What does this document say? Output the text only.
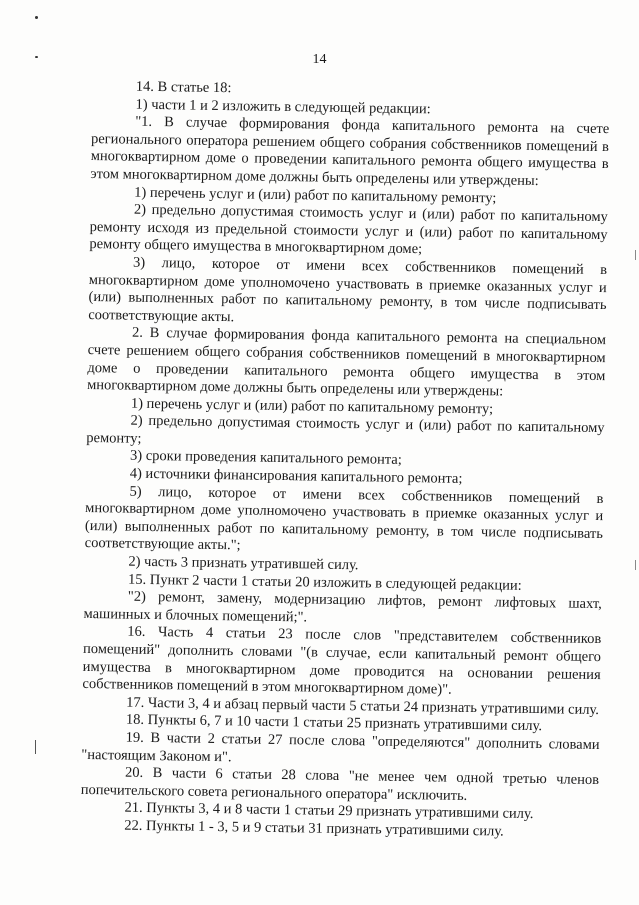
14

14. В статье 18:

1) части 1 и 2 изложить в следующей редакции:

"1. В случае формирования фонда капитального ремонта на счете регионального оператора решением общего собрания собственников помещений в многоквартирном доме о проведении капитального ремонта общего имущества в этом многоквартирном доме должны быть определены или утверждены:

1) перечень услуг и (или) работ по капитальному ремонту;

2) предельно допустимая стоимость услуг и (или) работ по капитальному ремонту исходя из предельной стоимости услуг и (или) работ по капитальному ремонту общего имущества в многоквартирном доме;

3) лицо, которое от имени всех собственников помещений в многоквартирном доме уполномочено участвовать в приемке оказанных услуг и (или) выполненных работ по капитальному ремонту, в том числе подписывать соответствующие акты.

2. В случае формирования фонда капитального ремонта на специальном счете решением общего собрания собственников помещений в многоквартирном доме о проведении капитального ремонта общего имущества в этом многоквартирном доме должны быть определены или утверждены:

1) перечень услуг и (или) работ по капитальному ремонту;

2) предельно допустимая стоимость услуг и (или) работ по капитальному ремонту;

3) сроки проведения капитального ремонта;

4) источники финансирования капитального ремонта;

5) лицо, которое от имени всех собственников помещений в многоквартирном доме уполномочено участвовать в приемке оказанных услуг и (или) выполненных работ по капитальному ремонту, в том числе подписывать соответствующие акты.";

2) часть 3 признать утратившей силу.

15. Пункт 2 части 1 статьи 20 изложить в следующей редакции:

"2) ремонт, замену, модернизацию лифтов, ремонт лифтовых шахт, машинных и блочных помещений;".

16. Часть 4 статьи 23 после слов "представителем собственников помещений" дополнить словами "(в случае, если капитальный ремонт общего имущества в многоквартирном доме проводится на основании решения собственников помещений в этом многоквартирном доме)".

17. Части 3, 4 и абзац первый части 5 статьи 24 признать утратившими силу.

18. Пункты 6, 7 и 10 части 1 статьи 25 признать утратившими силу.

19. В части 2 статьи 27 после слова "определяются" дополнить словами "настоящим Законом и".

20. В части 6 статьи 28 слова "не менее чем одной третью членов попечительского совета регионального оператора" исключить.

21. Пункты 3, 4 и 8 части 1 статьи 29 признать утратившими силу.

22. Пункты 1 - 3, 5 и 9 статьи 31 признать утратившими силу.
